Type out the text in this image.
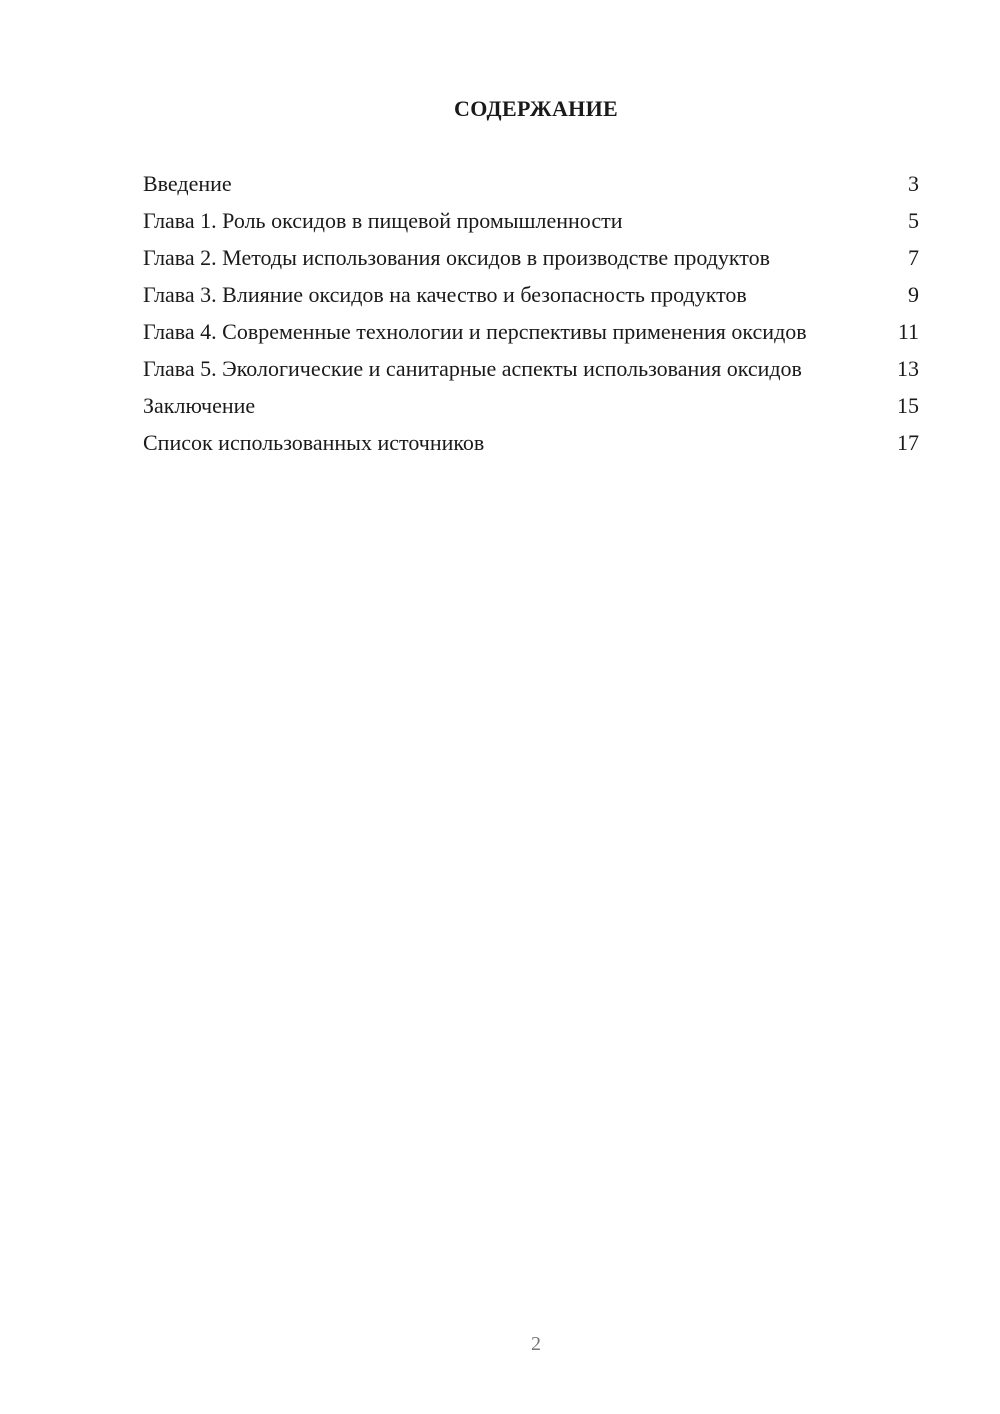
СОДЕРЖАНИЕ
Введение	3
Глава 1. Роль оксидов в пищевой промышленности	5
Глава 2. Методы использования оксидов в производстве продуктов	7
Глава 3. Влияние оксидов на качество и безопасность продуктов	9
Глава 4. Современные технологии и перспективы применения оксидов	11
Глава 5. Экологические и санитарные аспекты использования оксидов	13
Заключение	15
Список использованных источников	17
2
